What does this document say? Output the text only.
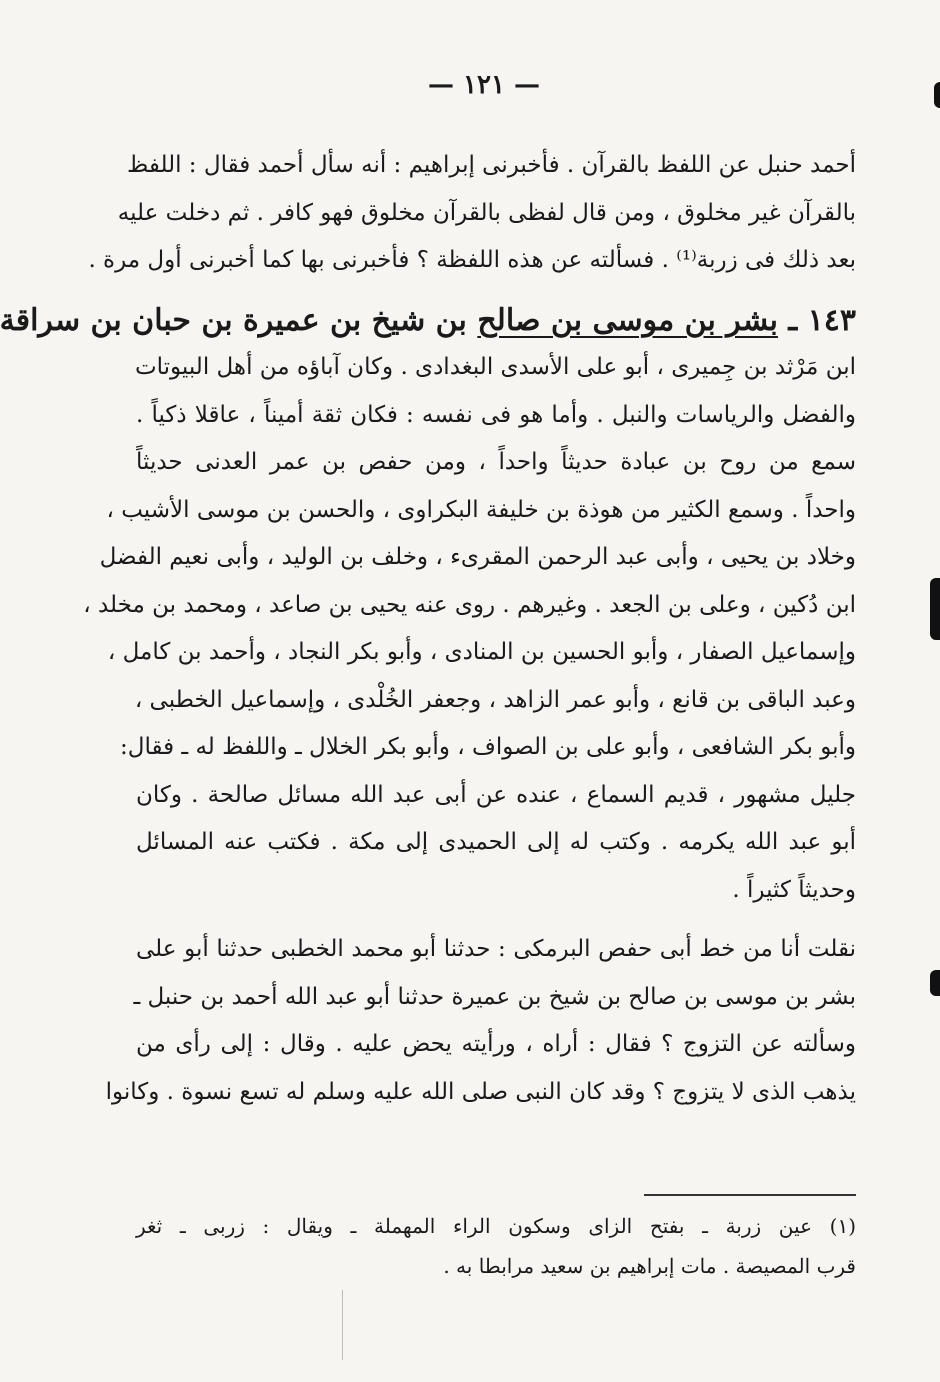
— ١٢١ —
أحمد حنبل عن اللفظ بالقرآن . فأخبرنى إبراهيم : أنه سأل أحمد فقال : اللفظ
بالقرآن غير مخلوق ، ومن قال لفظى بالقرآن مخلوق فهو كافر . ثم دخلت عليه
بعد ذلك فى زربة⁽¹⁾ . فسألته عن هذه اللفظة ؟ فأخبرنى بها كما أخبرنى أول مرة .
١٤٣ ـ بشر بن موسى بن صالح بن شيخ بن عميرة بن حبان بن سراقة
ابن مَرْثد بن جِميرى ، أبو على الأسدى البغدادى . وكان آباؤه من أهل البيوتات
والفضل والرياسات والنبل . وأما هو فى نفسه : فكان ثقة أميناً ، عاقلا ذكياً .
سمع من روح بن عبادة حديثاً واحداً ، ومن حفص بن عمر العدنى حديثاً
واحداً . وسمع الكثير من هوذة بن خليفة البكراوى ، والحسن بن موسى الأشيب ،
وخلاد بن يحيى ، وأبى عبد الرحمن المقرىء ، وخلف بن الوليد ، وأبى نعيم الفضل
ابن دُكين ، وعلى بن الجعد . وغيرهم . روى عنه يحيى بن صاعد ، ومحمد بن مخلد ،
وإسماعيل الصفار ، وأبو الحسين بن المنادى ، وأبو بكر النجاد ، وأحمد بن كامل ،
وعبد الباقى بن قانع ، وأبو عمر الزاهد ، وجعفر الخُلْدى ، وإسماعيل الخطبى ،
وأبو بكر الشافعى ، وأبو على بن الصواف ، وأبو بكر الخلال ـ واللفظ له ـ فقال:
جليل مشهور ، قديم السماع ، عنده عن أبى عبد الله مسائل صالحة . وكان
أبو عبد الله يكرمه . وكتب له إلى الحميدى إلى مكة . فكتب عنه المسائل
وحديثاً كثيراً .
نقلت أنا من خط أبى حفص البرمكى : حدثنا أبو محمد الخطبى حدثنا أبو على
بشر بن موسى بن صالح بن شيخ بن عميرة حدثنا أبو عبد الله أحمد بن حنبل ـ
وسألته عن التزوج ؟ فقال : أراه ، ورأيته يحض عليه . وقال : إلى رأى من
يذهب الذى لا يتزوج ؟ وقد كان النبى صلى الله عليه وسلم له تسع نسوة . وكانوا
(١) عين زربة ـ بفتح الزاى وسكون الراء المهملة ـ ويقال : زربى ـ ثغر
قرب المصيصة . مات إبراهيم بن سعيد مرابطا به .
